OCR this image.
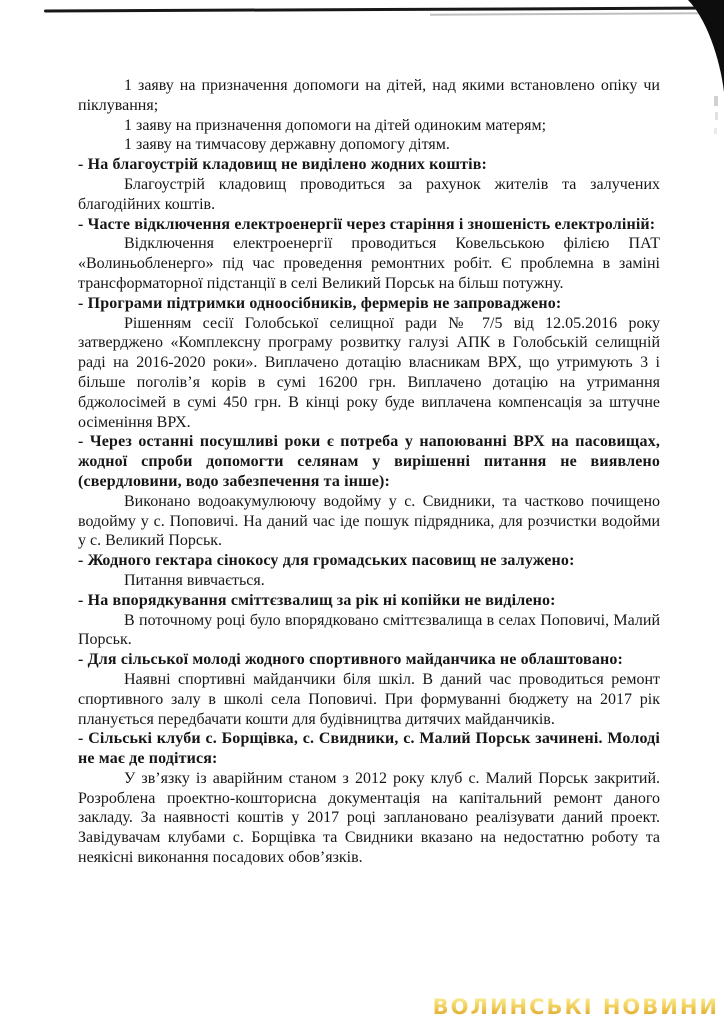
1 заяву на призначення допомоги на дітей, над якими встановлено опіку чи піклування;

1 заяву на призначення допомоги на дітей одиноким матерям;

1 заяву на тимчасову державну допомогу дітям.

- На благоустрій кладовищ не виділено жодних коштів:

Благоустрій кладовищ проводиться за рахунок жителів та залучених благодійних коштів.

- Часте відключення електроенергії через старіння і зношеність електроліній:

Відключення електроенергії проводиться Ковельською філією ПАТ «Волиньобленерго» під час проведення ремонтних робіт. Є проблемна в заміні трансформаторної підстанції в селі Великий Порськ на більш потужну.

- Програми підтримки одноосібників, фермерів не запроваджено:

Рішенням сесії Голобської селищної ради № 7/5 від 12.05.2016 року затверджено «Комплексну програму розвитку галузі АПК в Голобській селищній раді на 2016-2020 роки». Виплачено дотацію власникам ВРХ, що утримують 3 і більше поголів’я корів в сумі 16200 грн. Виплачено дотацію на утримання бджолосімей в сумі 450 грн. В кінці року буде виплачена компенсація за штучне осіменіння ВРХ.

- Через останні посушливі роки є потреба у напоюванні ВРХ на пасовищах, жодної спроби допомогти селянам у вирішенні питання не виявлено (свердловини, водо забезпечення та інше):

Виконано водоакумулюючу водойму у с. Свидники, та частково почищено водойму у с. Поповичі. На даний час іде пошук підрядника, для розчистки водойми у с. Великий Порськ.

- Жодного гектара сінокосу для громадських пасовищ не залужено:

Питання вивчається.

- На впорядкування сміттєзвалищ за рік ні копійки не виділено:

В поточному році було впорядковано сміттєзвалища в селах Поповичі, Малий Порськ.

- Для сільської молоді жодного спортивного майданчика не облаштовано:

Наявні спортивні майданчики біля шкіл. В даний час проводиться ремонт спортивного залу в школі села Поповичі. При формуванні бюджету на 2017 рік планується передбачати кошти для будівництва дитячих майданчиків.

- Сільські клуби с. Борщівка, с. Свидники, с. Малий Порськ зачинені. Молоді не має де подітися:

У зв’язку із аварійним станом з 2012 року клуб с. Малий Порськ закритий. Розроблена проектно-кошторисна документація на капітальний ремонт даного закладу. За наявності коштів у 2017 році заплановано реалізувати даний проект. Завідувачам клубами с. Борщівка та Свидники вказано на недостатню роботу та неякісні виконання посадових обов’язків.

ВОЛИНСЬКІ НОВИНИ
